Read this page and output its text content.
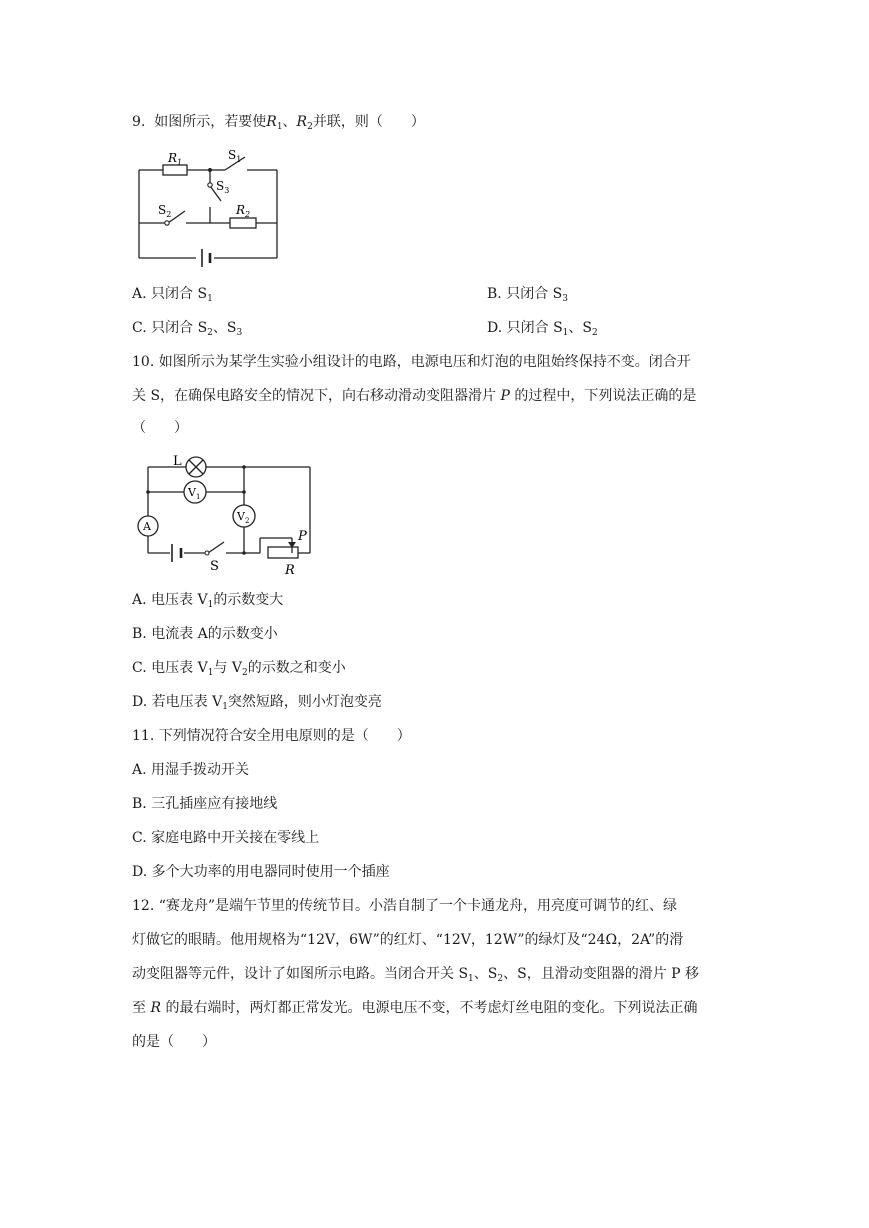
9. 如图所示，若要使$R_1$、$R_2$并联，则（　　）
$R_1$
$S_1$
$S_3$
$S_2$	$R_2$
A. 只闭合 $S_1$	B. 只闭合 $S_3$
C. 只闭合 $S_2$、$S_3$	D. 只闭合 $S_1$、$S_2$
10. 如图所示为某学生实验小组设计的电路，电源电压和灯泡的电阻始终保持不变。闭合开
关 S，在确保电路安全的情况下，向右移动滑动变阻器滑片 P 的过程中，下列说法正确的是
（　　）
L
$V_1$
$V_2$
A
S
P
R
A. 电压表 $V_1$的示数变大
B. 电流表 A的示数变小
C. 电压表 $V_1$与 $V_2$的示数之和变小
D. 若电压表 $V_1$突然短路，则小灯泡变亮
11. 下列情况符合安全用电原则的是（　　）
A. 用湿手拨动开关
B. 三孔插座应有接地线
C. 家庭电路中开关接在零线上
D. 多个大功率的用电器同时使用一个插座
12. “赛龙舟”是端午节里的传统节目。小浩自制了一个卡通龙舟，用亮度可调节的红、绿
灯做它的眼睛。他用规格为“12V，6W”的红灯、“12V，12W”的绿灯及“24Ω，2A”的滑
动变阻器等元件，设计了如图所示电路。当闭合开关 $S_1$、$S_2$、S，且滑动变阻器的滑片 P 移
至 R 的最右端时，两灯都正常发光。电源电压不变，不考虑灯丝电阻的变化。下列说法正确
的是（　　）
